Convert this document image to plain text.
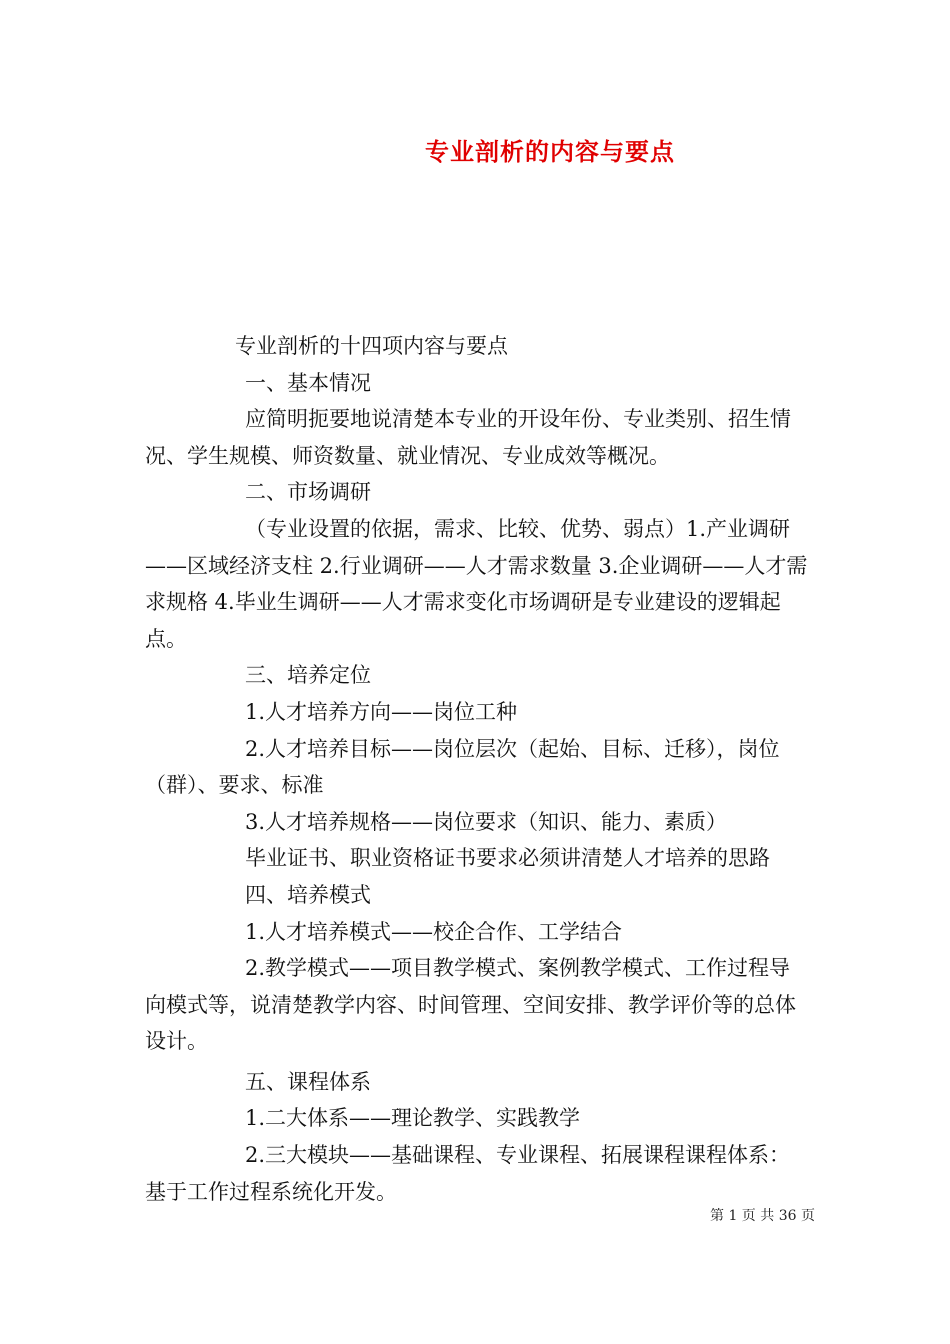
专业剖析的内容与要点

专业剖析的十四项内容与要点

一、基本情况

应简明扼要地说清楚本专业的开设年份、专业类别、招生情况、学生规模、师资数量、就业情况、专业成效等概况。

二、市场调研

（专业设置的依据，需求、比较、优势、弱点）1.产业调研——区域经济支柱 2.行业调研——人才需求数量 3.企业调研——人才需求规格 4.毕业生调研——人才需求变化市场调研是专业建设的逻辑起点。

三、培养定位

1.人才培养方向——岗位工种

2.人才培养目标——岗位层次（起始、目标、迁移），岗位（群）、要求、标准

3.人才培养规格——岗位要求（知识、能力、素质）

毕业证书、职业资格证书要求必须讲清楚人才培养的思路

四、培养模式

1.人才培养模式——校企合作、工学结合

2.教学模式——项目教学模式、案例教学模式、工作过程导向模式等，说清楚教学内容、时间管理、空间安排、教学评价等的总体设计。

五、课程体系

1.二大体系——理论教学、实践教学

2.三大模块——基础课程、专业课程、拓展课程课程体系：基于工作过程系统化开发。

第 1 页 共 36 页
